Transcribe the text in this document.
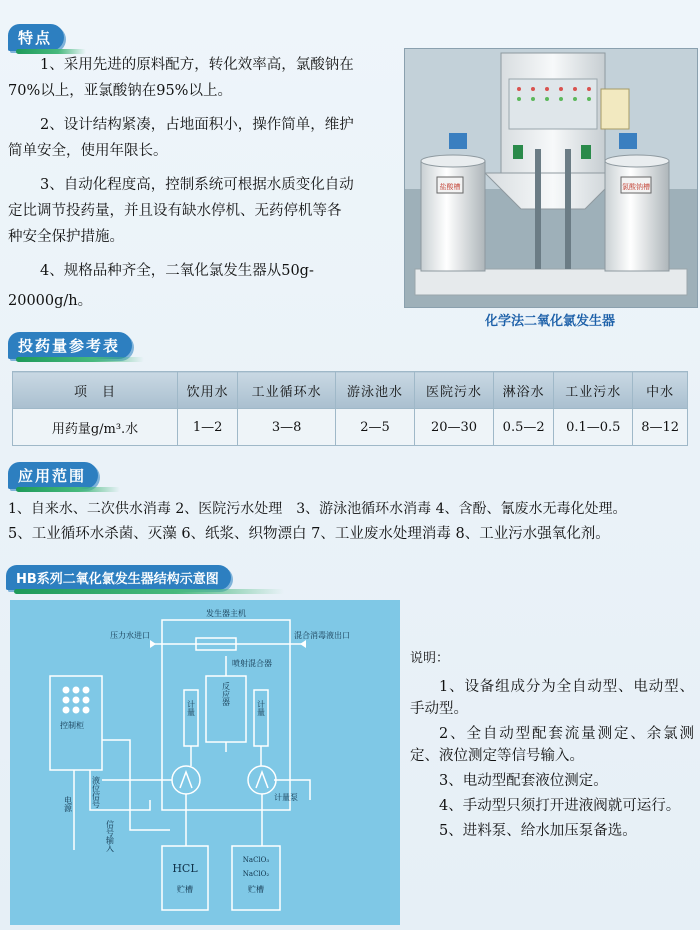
特点
1、采用先进的原料配方，转化效率高，氯酸钠在
70%以上，亚氯酸钠在95%以上。
2、设计结构紧凑，占地面积小，操作简单，维护
简单安全，使用年限长。
3、自动化程度高，控制系统可根据水质变化自动
定比调节投药量，并且设有缺水停机、无药停机等各
种安全保护措施。
4、规格品种齐全，二氧化氯发生器从50g-
20000g/h。
盐酸槽	氯酸钠槽
化学法二氧化氯发生器
投药量参考表
项　目	饮用水	工业循环水	游泳池水	医院污水	淋浴水	工业污水	中水
用药量g/m³.水	1—2	3—8	2—5	20—30	0.5—2	0.1—0.5	8—12
应用范围
1、自来水、二次供水消毒 2、医院污水处理　3、游泳池循环水消毒 4、含酚、氰废水无毒化处理。
5、工业循环水杀菌、灭藻 6、纸浆、织物漂白 7、工业废水处理消毒 8、工业污水强氧化剂。
HB系列二氧化氯发生器结构示意图
发生器主机
压力水进口	混合消毒液出口
喷射混合器
控制柜
计量泵
反应器
计量	计量
电源 液位信号
信号输入
HCL
贮槽
NaClO₃
NaClO₂
贮槽
说明：

1、设备组成分为全自动型、电动型、手动型。

2、全自动型配套流量测定、余氯测定、液位测定等信号输入。

3、电动型配套液位测定。

4、手动型只须打开进液阀就可运行。

5、进料泵、给水加压泵备选。
